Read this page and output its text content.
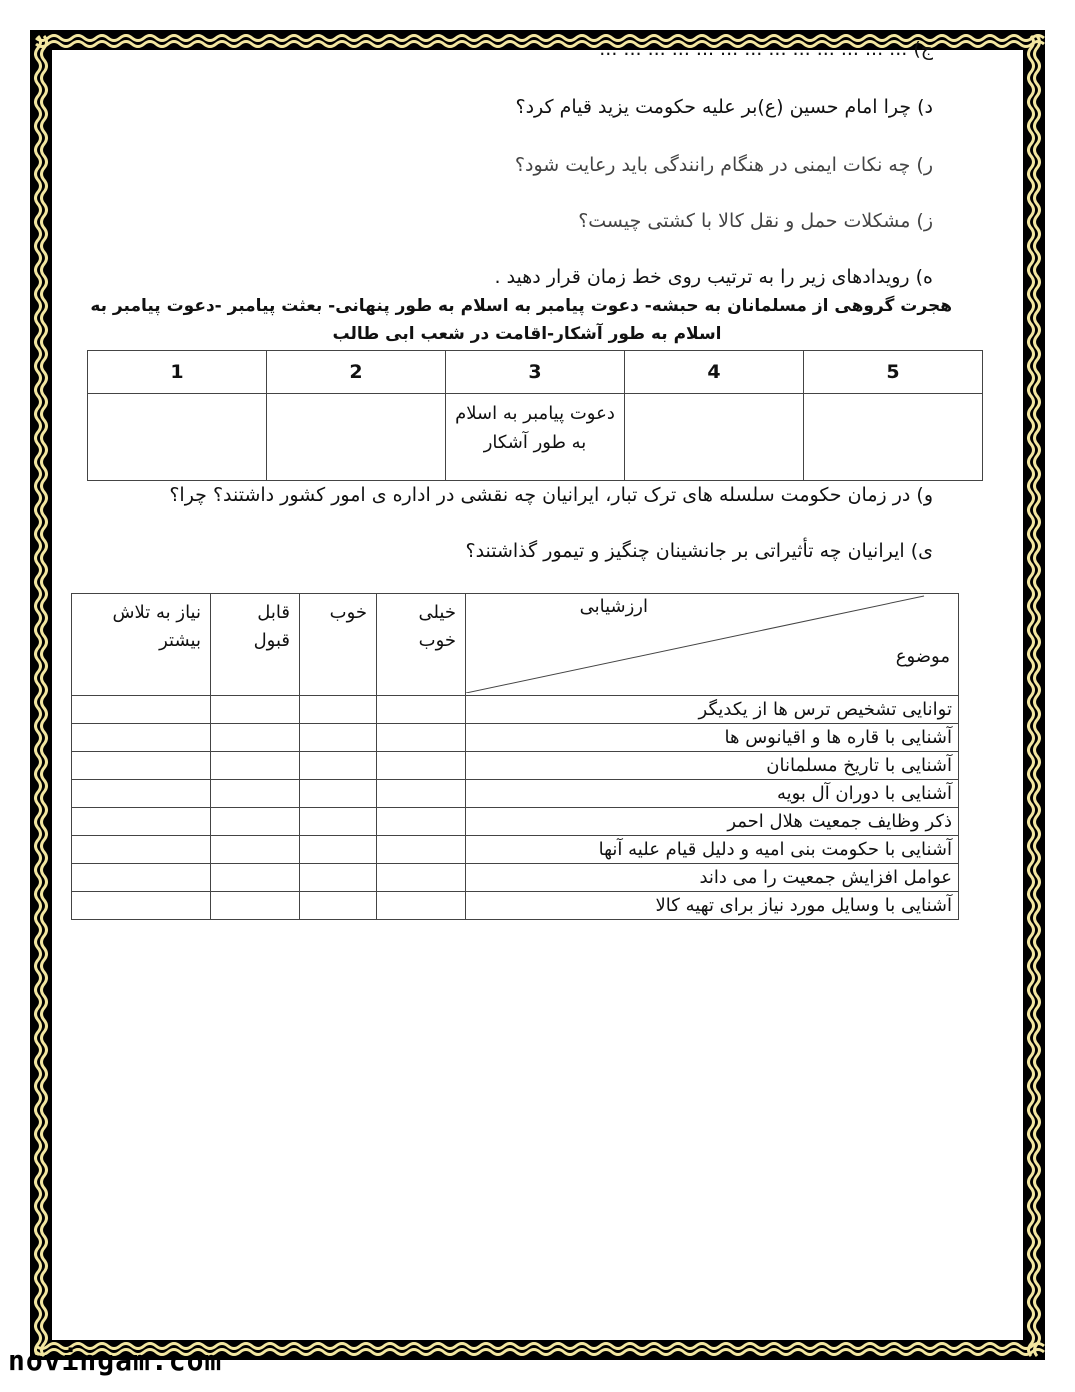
ج) ... ... ... ... ... ... ... ... ... ... ... ... ...
د) چرا امام حسین (ع)بر علیه حکومت یزید قیام کرد؟
ر) چه نکات ایمنی در هنگام رانندگی باید رعایت شود؟
ز) مشکلات حمل و نقل کالا با کشتی چیست؟
ه) رویدادهای زیر را به ترتیب روی خط زمان قرار دهید .
هجرت گروهی از مسلمانان به حبشه- دعوت پیامبر به اسلام به طور پنهانی- بعثت پیامبر -دعوت پیامبر به
اسلام به طور آشکار-اقامت در شعب ابی طالب
1	2	3	4	5

		دعوت پیامبر به اسلام به طور آشکار		

و) در زمان حکومت سلسله های ترک تبار، ایرانیان چه نقشی در اداره ی امور کشور داشتند؟ چرا؟
ی) ایرانیان چه تأثیراتی بر جانشینان چنگیز و تیمور گذاشتند؟
نیاز به تلاش بیشتر	قابل قبول	خوب	خیلی خوب	ارزشیابی
موضوع

				توانایی تشخیص ترس ها از یکدیگر
				آشنایی با قاره ها و اقیانوس ها
				آشنایی با تاریخ مسلمانان
				آشنایی با دوران آل بویه
				ذکر وظایف جمعیت هلال احمر
				آشنایی با حکومت بنی امیه و دلیل قیام علیه آنها
				عوامل افزایش جمعیت را می داند
				آشنایی با وسایل مورد نیاز برای تهیه کالا
novingam.com
